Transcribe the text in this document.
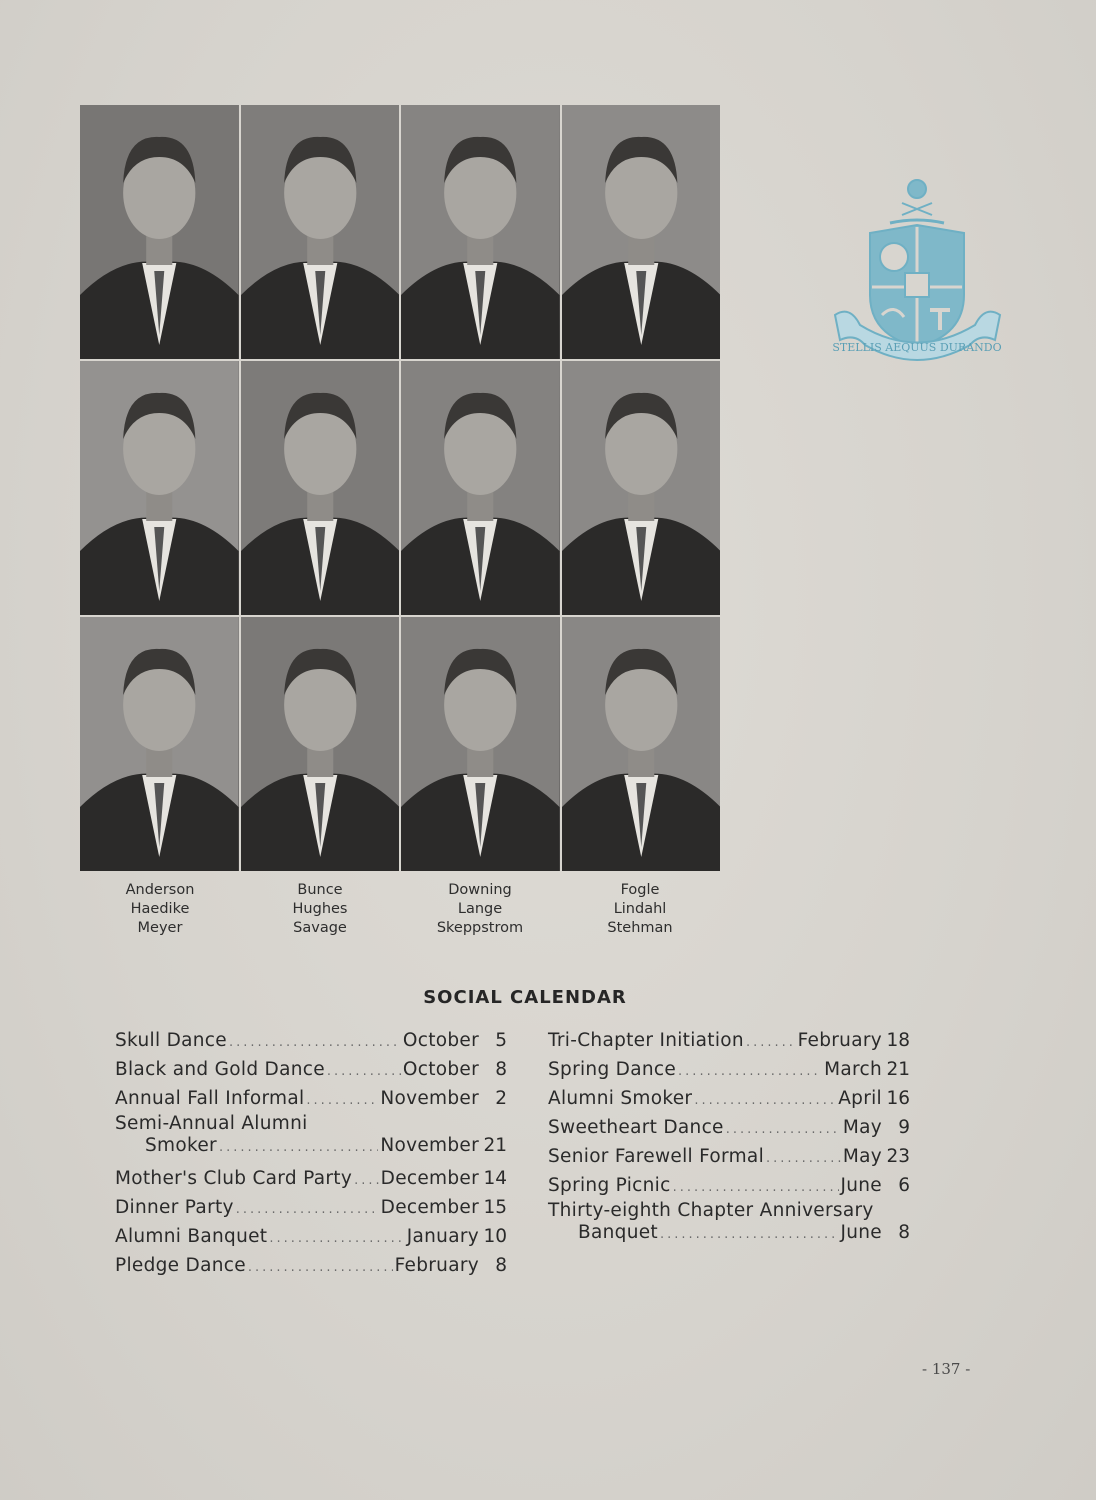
STELLIS AEQUUS DURANDO
Anderson
Haedike
Meyer
Bunce
Hughes
Savage
Downing
Lange
Skeppstrom
Fogle
Lindahl
Stehman
SOCIAL CALENDAR
Skull Dance .....	October 5
Black and Gold Dance .....	October 8
Annual Fall Informal .....	November 2
Semi-Annual Alumni
Smoker .....	November 21
Mother's Club Card Party ..... December 14
Dinner Party .....	December 15
Alumni Banquet .....	January 10
Pledge Dance .....	February 8
Tri-Chapter Initiation .....	February 18
Spring Dance .....	March 21
Alumni Smoker .....	April 16
Sweetheart Dance .....	May 9
Senior Farewell Formal .....	May 23
Spring Picnic .....	June 6
Thirty-eighth Chapter Anniversary
Banquet .....	June 8
- 137 -
